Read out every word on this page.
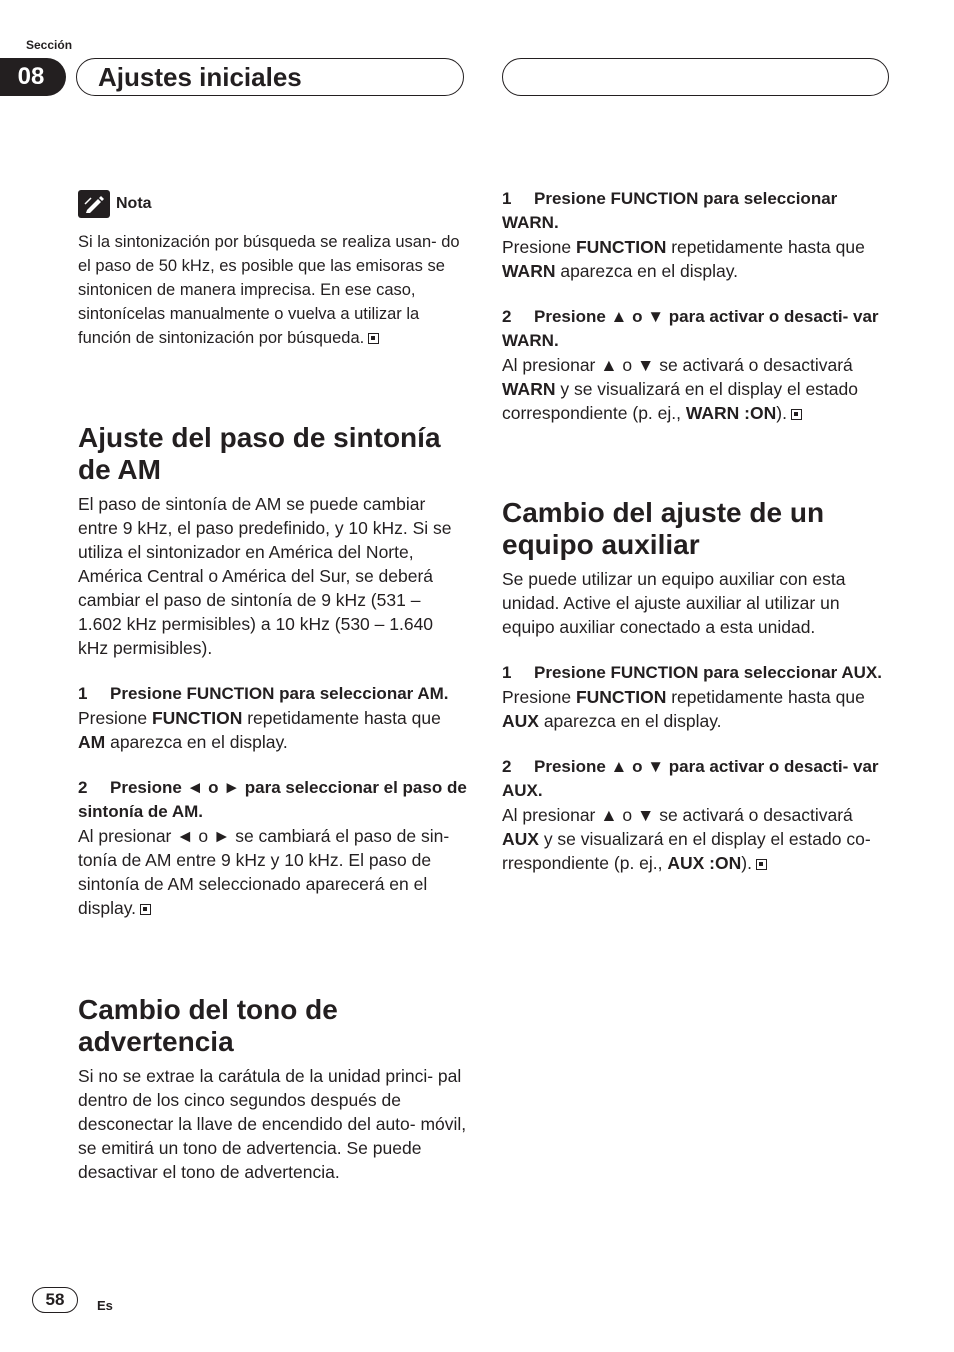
Sección
08	Ajustes iniciales
Nota

Si la sintonización por búsqueda se realiza usan- do el paso de 50 kHz, es posible que las emisoras se sintonicen de manera imprecisa. En ese caso, sintonícelas manualmente o vuelva a utilizar la función de sintonización por búsqueda.

Ajuste del paso de sintonía
de AM

El paso de sintonía de AM se puede cambiar entre 9 kHz, el paso predefinido, y 10 kHz. Si se utiliza el sintonizador en América del Norte, América Central o América del Sur, se deberá cambiar el paso de sintonía de 9 kHz (531 – 1.602 kHz permisibles) a 10 kHz (530 – 1.640 kHz permisibles).

1 Presione FUNCTION para seleccionar AM.

Presione FUNCTION repetidamente hasta que AM aparezca en el display.

2 Presione ◄ o ► para seleccionar el paso de sintonía de AM.

Al presionar ◄ o ► se cambiará el paso de sin- tonía de AM entre 9 kHz y 10 kHz. El paso de sintonía de AM seleccionado aparecerá en el display.

Cambio del tono de
advertencia

Si no se extrae la carátula de la unidad princi- pal dentro de los cinco segundos después de desconectar la llave de encendido del auto- móvil, se emitirá un tono de advertencia. Se puede desactivar el tono de advertencia.

1 Presione FUNCTION para seleccionar WARN.

Presione FUNCTION repetidamente hasta que WARN aparezca en el display.

2 Presione ▲ o ▼ para activar o desacti- var WARN.

Al presionar ▲ o ▼ se activará o desactivará WARN y se visualizará en el display el estado correspondiente (p. ej., WARN :ON).

Cambio del ajuste de un
equipo auxiliar

Se puede utilizar un equipo auxiliar con esta unidad. Active el ajuste auxiliar al utilizar un equipo auxiliar conectado a esta unidad.

1 Presione FUNCTION para seleccionar AUX.

Presione FUNCTION repetidamente hasta que AUX aparezca en el display.

2 Presione ▲ o ▼ para activar o desacti- var AUX.

Al presionar ▲ o ▼ se activará o desactivará AUX y se visualizará en el display el estado co- rrespondiente (p. ej., AUX :ON).

58	Es
